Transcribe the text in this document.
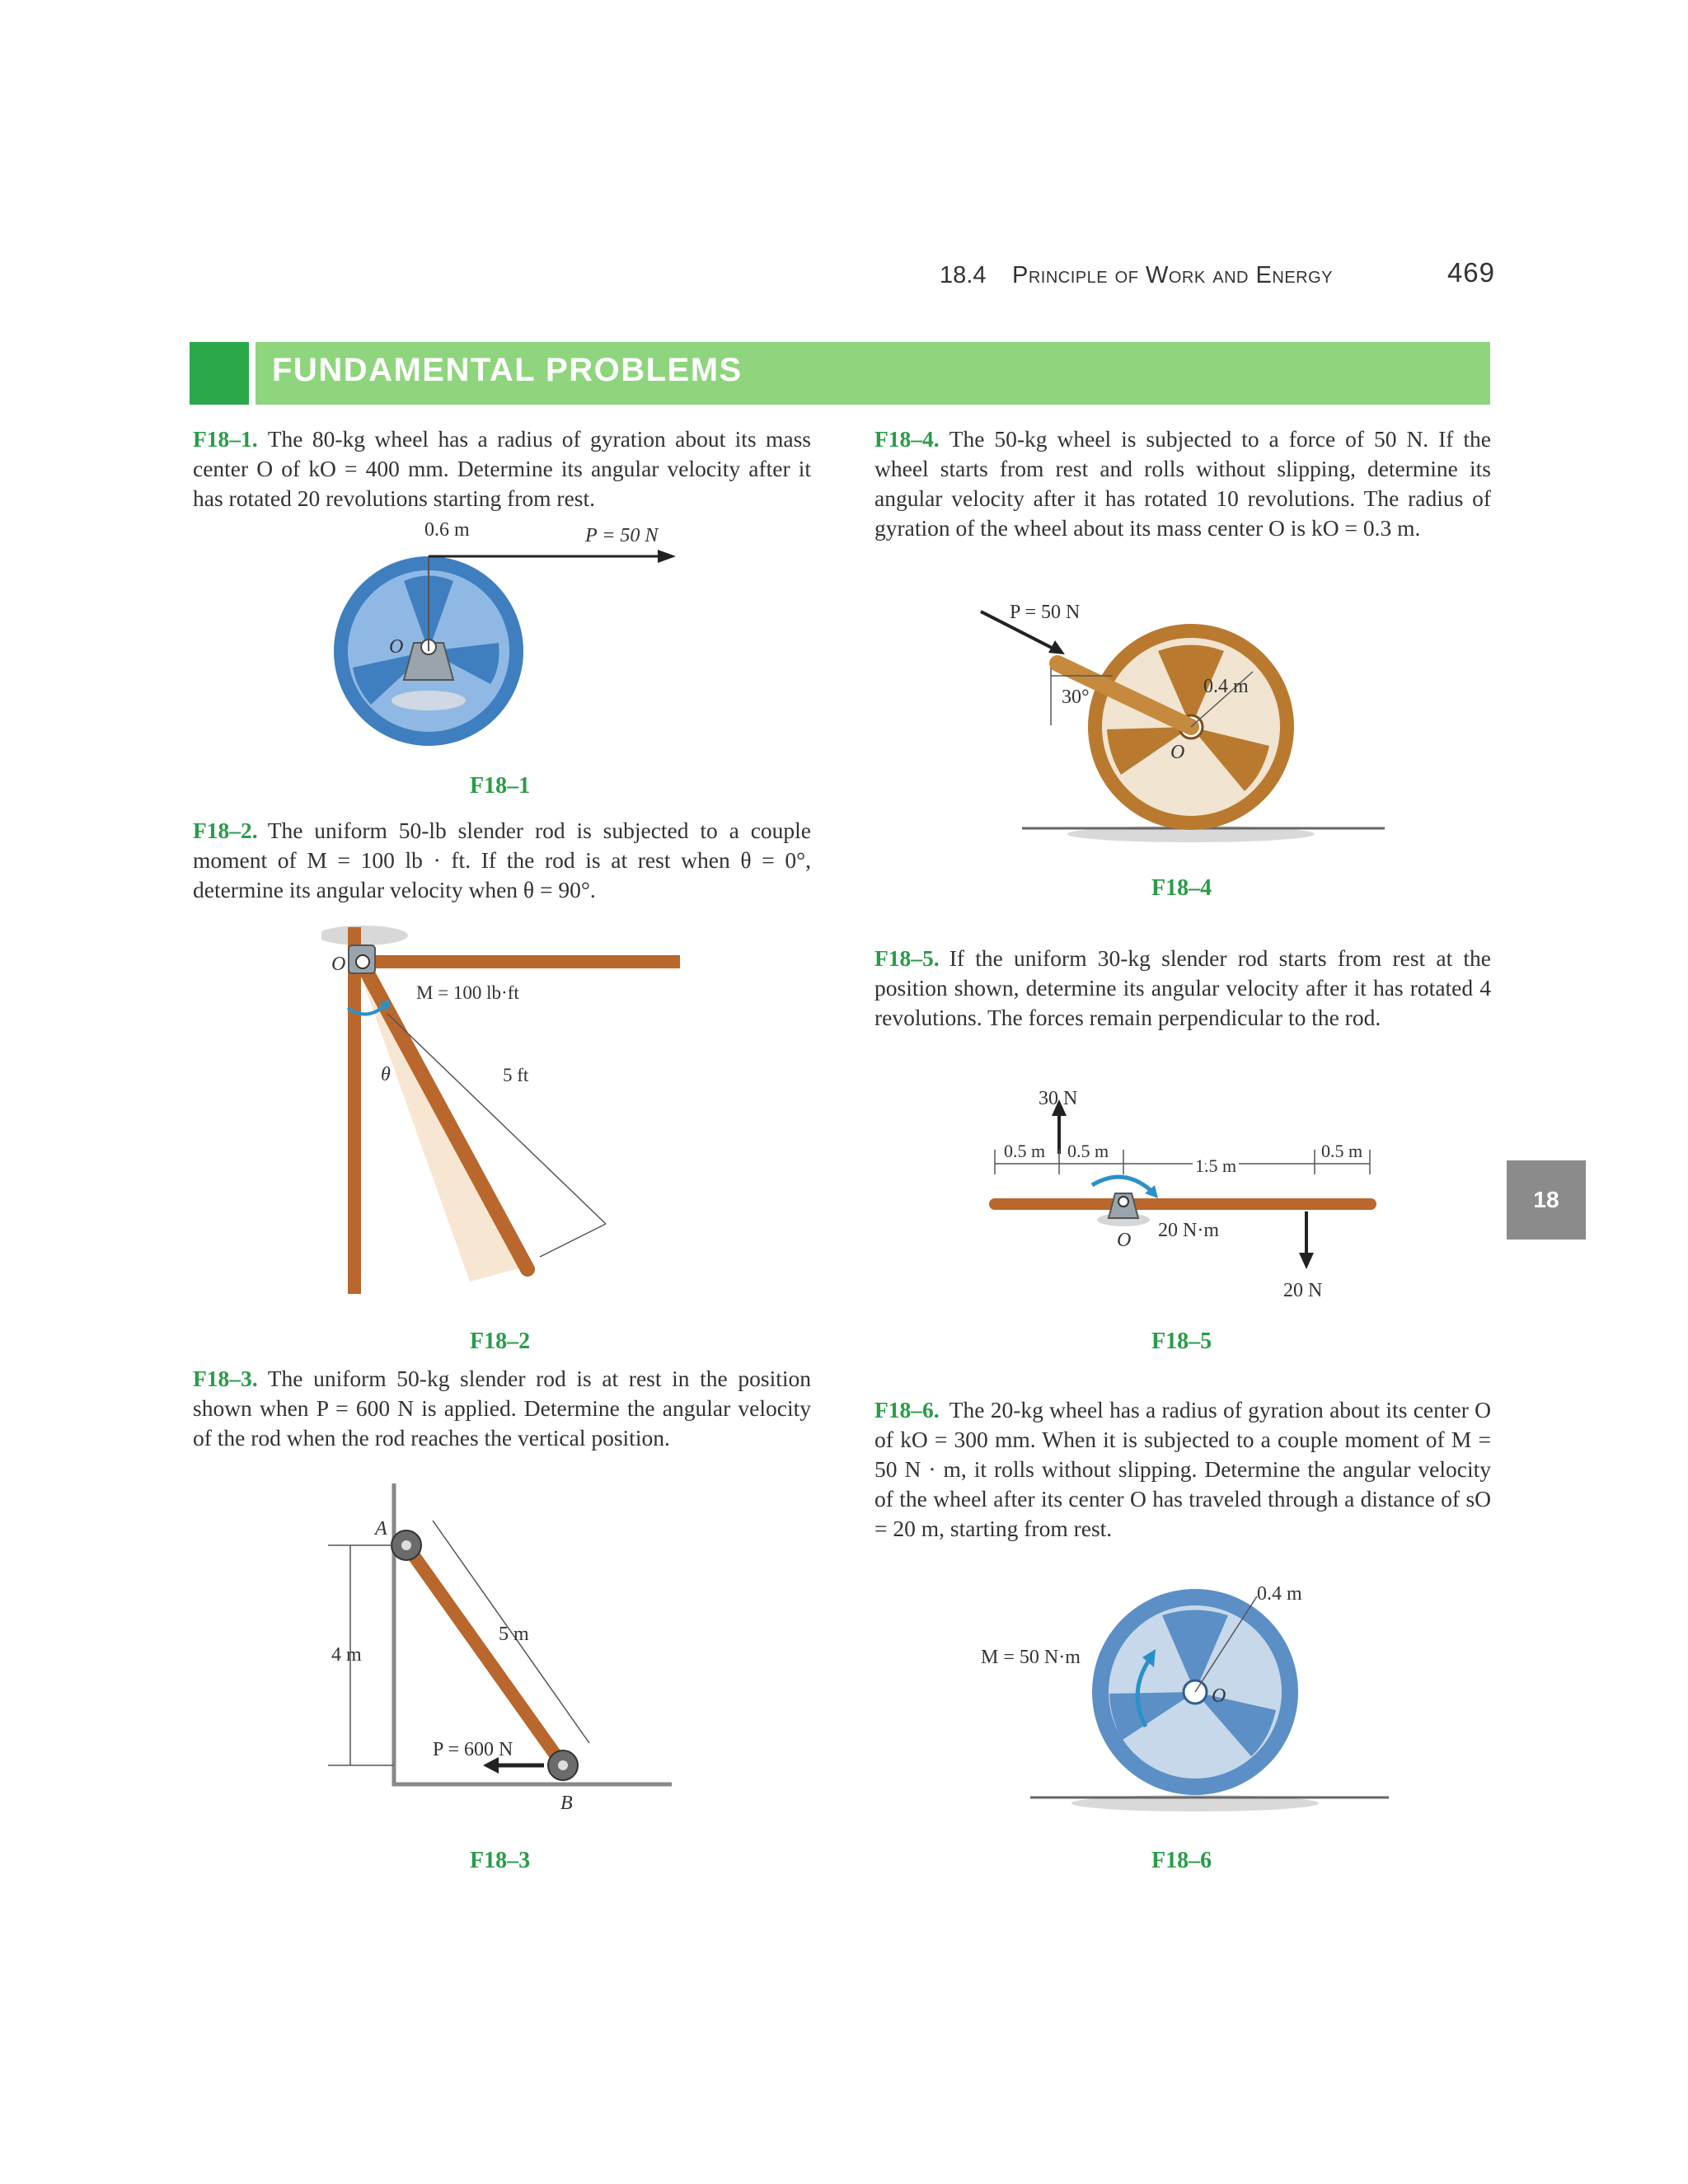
18.4 Principle of Work and Energy	469
FUNDAMENTAL PROBLEMS
18
F18–1. The 80-kg wheel has a radius of gyration about its mass center O of kO = 400 mm. Determine its angular velocity after it has rotated 20 revolutions starting from rest.
0.6 m	P = 50 N
O
F18–1
F18–2. The uniform 50-lb slender rod is subjected to a couple moment of M = 100 lb · ft. If the rod is at rest when θ = 0°, determine its angular velocity when θ = 90°.
O
M = 100 lb·ft
θ	5 ft
F18–2
F18–3. The uniform 50-kg slender rod is at rest in the position shown when P = 600 N is applied. Determine the angular velocity of the rod when the rod reaches the vertical position.
A
B
4 m
5 m
P = 600 N
F18–3
F18–4. The 50-kg wheel is subjected to a force of 50 N. If the wheel starts from rest and rolls without slipping, determine its angular velocity after it has rotated 10 revolutions. The radius of gyration of the wheel about its mass center O is kO = 0.3 m.
P = 50 N
30°	0.4 m
O
F18–4
F18–5. If the uniform 30-kg slender rod starts from rest at the position shown, determine its angular velocity after it has rotated 4 revolutions. The forces remain perpendicular to the rod.
30 N
0.5 m 0.5 m
1.5 m
0.5 m
20 N·m
O
20 N
F18–5
F18–6. The 20-kg wheel has a radius of gyration about its center O of kO = 300 mm. When it is subjected to a couple moment of M = 50 N · m, it rolls without slipping. Determine the angular velocity of the wheel after its center O has traveled through a distance of sO = 20 m, starting from rest.
0.4 m
M = 50 N·m
O
F18–6
